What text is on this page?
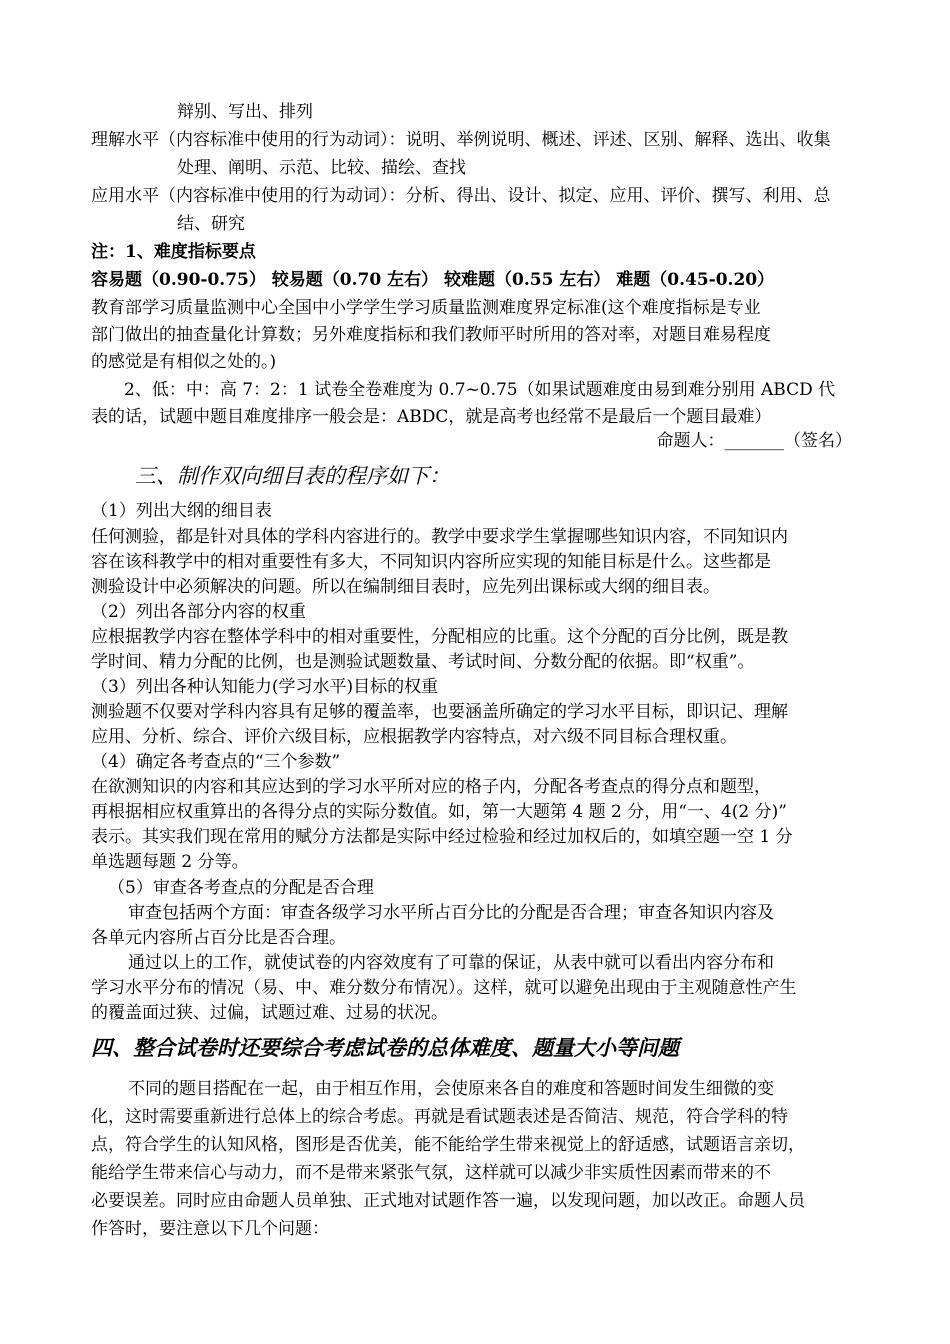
辩别、写出、排列
理解水平（内容标准中使用的行为动词）：说明、举例说明、概述、评述、区别、解释、选出、收集
处理、阐明、示范、比较、描绘、查找
应用水平（内容标准中使用的行为动词）：分析、得出、设计、拟定、应用、评价、撰写、利用、总
结、研究
注：1、难度指标要点
容易题（0.90-0.75） 较易题（0.70 左右） 较难题（0.55 左右） 难题（0.45-0.20）
教育部学习质量监测中心全国中小学学生学习质量监测难度界定标准(这个难度指标是专业
部门做出的抽查量化计算数；另外难度指标和我们教师平时所用的答对率，对题目难易程度
的感觉是有相似之处的。)
2、低：中：高 7：2：1 试卷全卷难度为 0.7~0.75（如果试题难度由易到难分别用 ABCD 代
表的话，试题中题目难度排序一般会是：ABDC，就是高考也经常不是最后一个题目最难）
命题人：_______（签名）
三、制作双向细目表的程序如下：
（1）列出大纲的细目表
任何测验，都是针对具体的学科内容进行的。教学中要求学生掌握哪些知识内容，不同知识内
容在该科教学中的相对重要性有多大，不同知识内容所应实现的知能目标是什么。这些都是
测验设计中必须解决的问题。所以在编制细目表时，应先列出课标或大纲的细目表。
（2）列出各部分内容的权重
应根据教学内容在整体学科中的相对重要性，分配相应的比重。这个分配的百分比例，既是教
学时间、精力分配的比例，也是测验试题数量、考试时间、分数分配的依据。即“权重”。
（3）列出各种认知能力(学习水平)目标的权重
测验题不仅要对学科内容具有足够的覆盖率，也要涵盖所确定的学习水平目标，即识记、理解
应用、分析、综合、评价六级目标，应根据教学内容特点，对六级不同目标合理权重。
（4）确定各考查点的“三个参数”
在欲测知识的内容和其应达到的学习水平所对应的格子内，分配各考查点的得分点和题型，
再根据相应权重算出的各得分点的实际分数值。如，第一大题第 4 题 2 分，用“一、4(2 分)”
表示。其实我们现在常用的赋分方法都是实际中经过检验和经过加权后的，如填空题一空 1 分
单选题每题 2 分等。
（5）审查各考查点的分配是否合理
审查包括两个方面：审查各级学习水平所占百分比的分配是否合理；审查各知识内容及
各单元内容所占百分比是否合理。
通过以上的工作，就使试卷的内容效度有了可靠的保证，从表中就可以看出内容分布和
学习水平分布的情况（易、中、难分数分布情况）。这样，就可以避免出现由于主观随意性产生
的覆盖面过狭、过偏，试题过难、过易的状况。
四、整合试卷时还要综合考虑试卷的总体难度、题量大小等问题
不同的题目搭配在一起，由于相互作用，会使原来各自的难度和答题时间发生细微的变
化，这时需要重新进行总体上的综合考虑。再就是看试题表述是否简洁、规范，符合学科的特
点，符合学生的认知风格，图形是否优美，能不能给学生带来视觉上的舒适感，试题语言亲切，
能给学生带来信心与动力，而不是带来紧张气氛，这样就可以减少非实质性因素而带来的不
必要误差。同时应由命题人员单独、正式地对试题作答一遍，以发现问题，加以改正。命题人员
作答时，要注意以下几个问题：
